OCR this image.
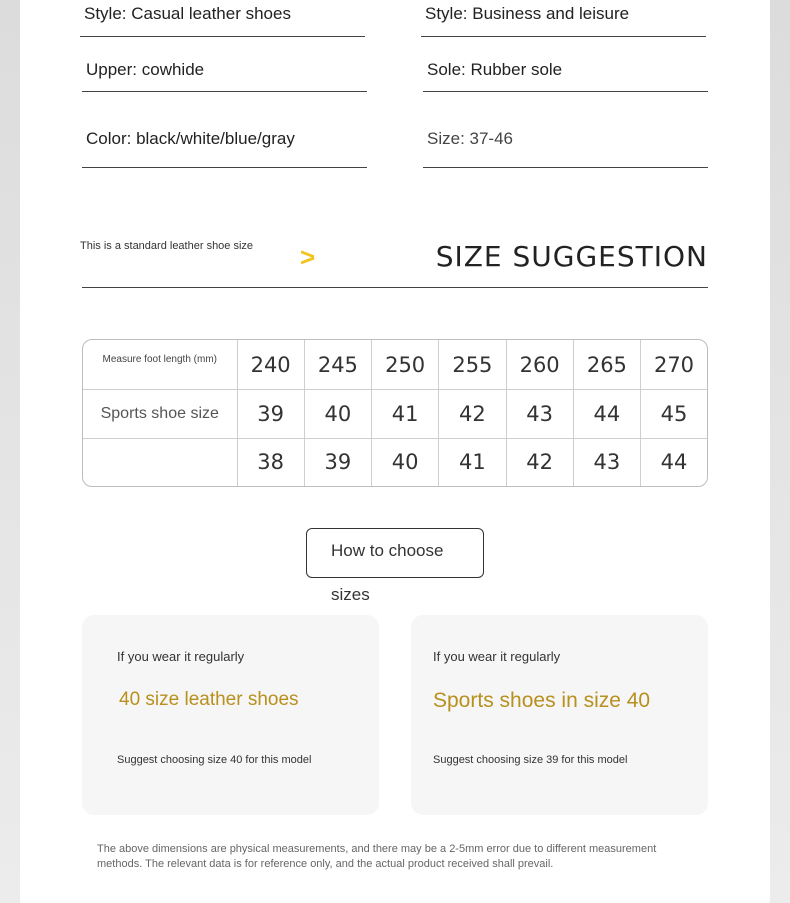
Style: Casual leather shoes	Style: Business and leisure
Upper: cowhide	Sole: Rubber sole
Color: black/white/blue/gray	Size: 37-46
This is a standard leather shoe size >	SIZE SUGGESTION
Measure foot length (mm)	240	245	250	255	260	265	270
Sports shoe size	39	40	41	42	43	44	45
	38	39	40	41	42	43	44
How to choose sizes
If you wear it regularly
40 size leather shoes
Suggest choosing size 40 for this model
If you wear it regularly
Sports shoes in size 40
Suggest choosing size 39 for this model
The above dimensions are physical measurements, and there may be a 2-5mm error due to different measurement methods. The relevant data is for reference only, and the actual product received shall prevail.
